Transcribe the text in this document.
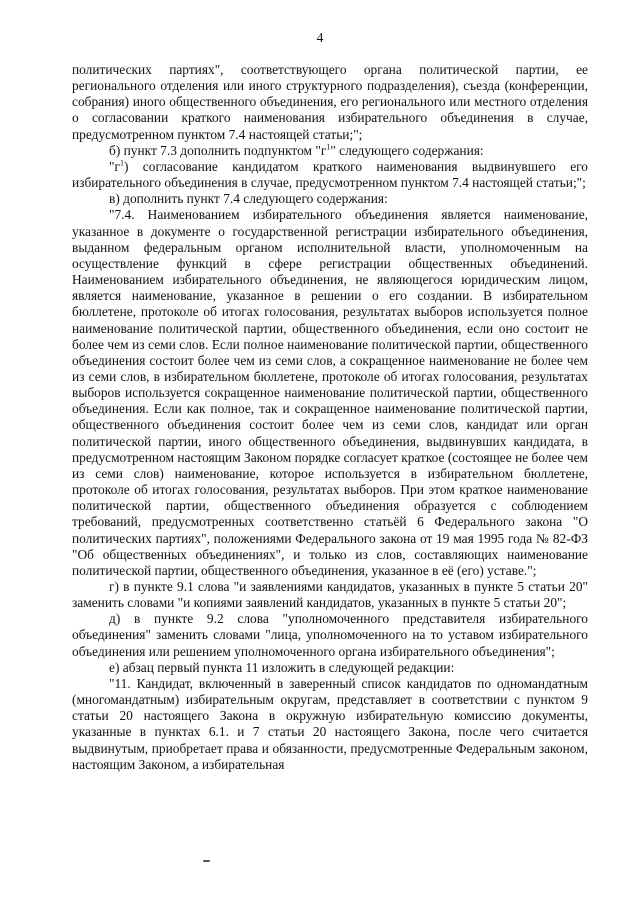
4

политических партиях", соответствующего органа политической партии, ее регионального отделения или иного структурного подразделения), съезда (конференции, собрания) иного общественного объединения, его регионального или местного отделения о согласовании краткого наименования избирательного объединения в случае, предусмотренном пунктом 7.4 настоящей статьи;";

б) пункт 7.3 дополнить подпунктом "$г^1$" следующего содержания:

"$г^1$) согласование кандидатом краткого наименования выдвинувшего его избирательного объединения в случае, предусмотренном пунктом 7.4 настоящей статьи;";

в) дополнить пункт 7.4 следующего содержания:

"7.4. Наименованием избирательного объединения является наименование, указанное в документе о государственной регистрации избирательного объединения, выданном федеральным органом исполнительной власти, уполномоченным на осуществление функций в сфере регистрации общественных объединений. Наименованием избирательного объединения, не являющегося юридическим лицом, является наименование, указанное в решении о его создании. В избирательном бюллетене, протоколе об итогах голосования, результатах выборов используется полное наименование политической партии, общественного объединения, если оно состоит не более чем из семи слов. Если полное наименование политической партии, общественного объединения состоит более чем из семи слов, а сокращенное наименование не более чем из семи слов, в избирательном бюллетене, протоколе об итогах голосования, результатах выборов используется сокращенное наименование политической партии, общественного объединения. Если как полное, так и сокращенное наименование политической партии, общественного объединения состоит более чем из семи слов, кандидат или орган политической партии, иного общественного объединения, выдвинувших кандидата, в предусмотренном настоящим Законом порядке согласует краткое (состоящее не более чем из семи слов) наименование, которое используется в избирательном бюллетене, протоколе об итогах голосования, результатах выборов. При этом краткое наименование политической партии, общественного объединения образуется с соблюдением требований, предусмотренных соответственно статьёй 6 Федерального закона "О политических партиях", положениями Федерального закона от 19 мая 1995 года № 82-ФЗ "Об общественных объединениях", и только из слов, составляющих наименование политической партии, общественного объединения, указанное в её (его) уставе.";

г) в пункте 9.1 слова "и заявлениями кандидатов, указанных в пункте 5 статьи 20" заменить словами "и копиями заявлений кандидатов, указанных в пункте 5 статьи 20";

д) в пункте 9.2 слова "уполномоченного представителя избирательного объединения" заменить словами "лица, уполномоченного на то уставом избирательного объединения или решением уполномоченного органа избирательного объединения";

е) абзац первый пункта 11 изложить в следующей редакции:

"11. Кандидат, включенный в заверенный список кандидатов по одномандатным (многомандатным) избирательным округам, представляет в соответствии с пунктом 9 статьи 20 настоящего Закона в окружную избирательную комиссию документы, указанные в пунктах 6.1. и 7 статьи 20 настоящего Закона, после чего считается выдвинутым, приобретает права и обязанности, предусмотренные Федеральным законом, настоящим Законом, а избирательная
